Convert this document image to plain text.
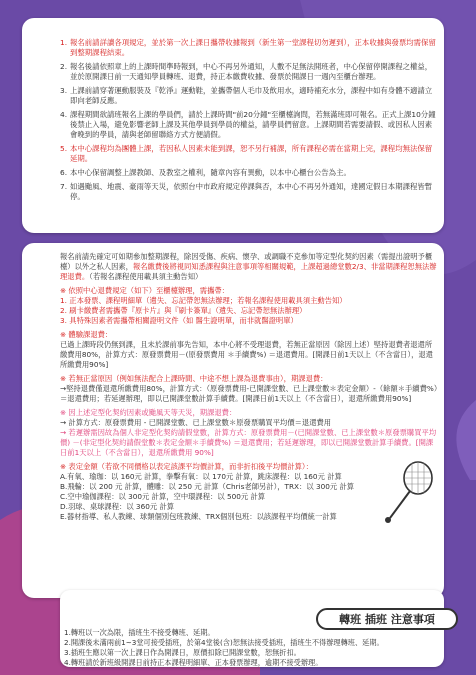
課程注意事項
1. 報名前請詳讀各項規定，並於第一次上課日攜帶收據報到（新生第一堂課程切勿遲到），正本收據與發票均需保留到整期課程結束。
2. 報名後請依照章上的上課時間準時報到，中心不再另外通知，人數不足無法開班者，中心保留停開課程之權益，並於原開課日前一天通知學員轉班、退費，持正本繳費收據、發票於開課日一週內至櫃台辦理。
3. 上課前請穿著運動服裝及『乾淨』運動鞋，並攜帶個人毛巾及飲用水，適時補充水分，課程中如有身體不適請立即向老師反應。
4. 課程期間欲請班報名上課的學員們，請於上課時間"前20分鐘"至櫃檯詢問，若無滿班即可報名。正式上課10分鐘後禁止入場，避免影響老師上課及其他學員到學員的權益，請學員們留意。上課期間若需要請假、或因私人因素會晚到的學員，請與老師留聯絡方式方便請假。
5. 本中心課程均為團體上課，若因私人因素未能到課，恕不另行補課，所有課程必需在當期上完，課程均無法保留延期。
6. 本中心保留調整上課教師、及教室之權利，隨章內容有異動，以本中心櫃台公告為主。
7. 如遇颱風、地震、豪雨等天災，依照台中市政府規定停課與否，本中心不再另外通知，達國定假日本期課程皆暫停。
課程退費計算須知
報名前請先確定可如期參加整期課程，除因受傷、疾病、懷孕、或調職不克參加等定型化契約因素（需提出證明予櫃檯）以外之私人因素，報名繳費後將視同知悉課程與注意事項等相關規範，上課超過總堂數2/3、非當期課程恕無法辦理退費。（若報名課程使用載具須主動告知）
※ 依照中心退費規定（如下）至櫃檯辦理，需攜帶：
1. 正本發票、課程明細單（遺失、忘記帶恕無法辦理；若報名課程使用載具須主動告知）
2. 刷卡繳費者需攜帶『原卡片』與『刷卡簽單』（遺失、忘記帶恕無法辦理）
3. 具特殊因素者需攜帶相關證明文件（如 醫生證明單，而非就醫證明單）
※ 體驗課退費：
已過上課時段仍無到課，且未於課前事先告知，本中心將不受理退費，若無正當原因（除因上述）堅持退費者退還所繳費用80%，計算方式：原發票費用－(原發票費用 ＊手續費%) ＝退還費用。[開課日前1天以上（不含當日），退還所繳費用90%]
※ 若無正當原因（例如無法配合上課時間、中途不想上課為退費事由），期課退費：
→堅持退費僅退還所繳費用80%，計算方式：（原發票費用-已開課堂數、已上課堂數＊表定金額）-（餘額＊手續費%）＝退還費用；若延遲辦理，即以已開課堂數計算手續費。[開課日前1天以上（不含當日），退還所繳費用90%]
※ 因上述定型化契約因素或颱風天等天災，期課退費：
→ 計算方式：原發票費用 - 已開課堂數、已上課堂數＊原發票購買平均價＝退還費用
→ 若遲辦需因故為個人非定型化契約請假堂數，計算方式：原發票費用－(已開課堂數、已上課堂數＊原發票購買平均價) －(非定型化契約請假堂數＊表定金額＊手續費%) ＝退還費用；若延遲辦理，即以已開課堂數計算手續費。[開課日前1天以上（不含當日），退還所繳費用 90%]
※ 表定金額（若欲不同價格以表定該課平均價計算，而非折扣後平均價計算）：
A.有氧、瑜珈：以 160元 計算，拳擊有氧：以 170元 計算，跳床課程：以 160元 計算
B.飛輪：以 200 元 計算，體雕：以 250 元 計算（Chris老師另計），TRX：以 300元 計算
C.空中瑜伽課程：以 300元 計算，空中環課程：以 500元 計算
D.羽球、桌球課程：以 360元 計算
E.器材指導、私人教練、球類個別包班教練、TRX個別包班：以該課程平均價統一計算
轉班 插班 注意事項
1.轉班以一次為限，插班生不接受轉班、延期。
2.開課後未滿兩前1~3堂可接受插班，於第4堂後(含)恕無法接受插班，插班生不得辦理轉班、延期。
3.插班生應以第一次上課日作為開課日，原價扣除已開課堂數，恕無折扣。
4.轉班請於新班級開課日前持正本課程明細單、正本發票辦理，逾期不接受辦理。
